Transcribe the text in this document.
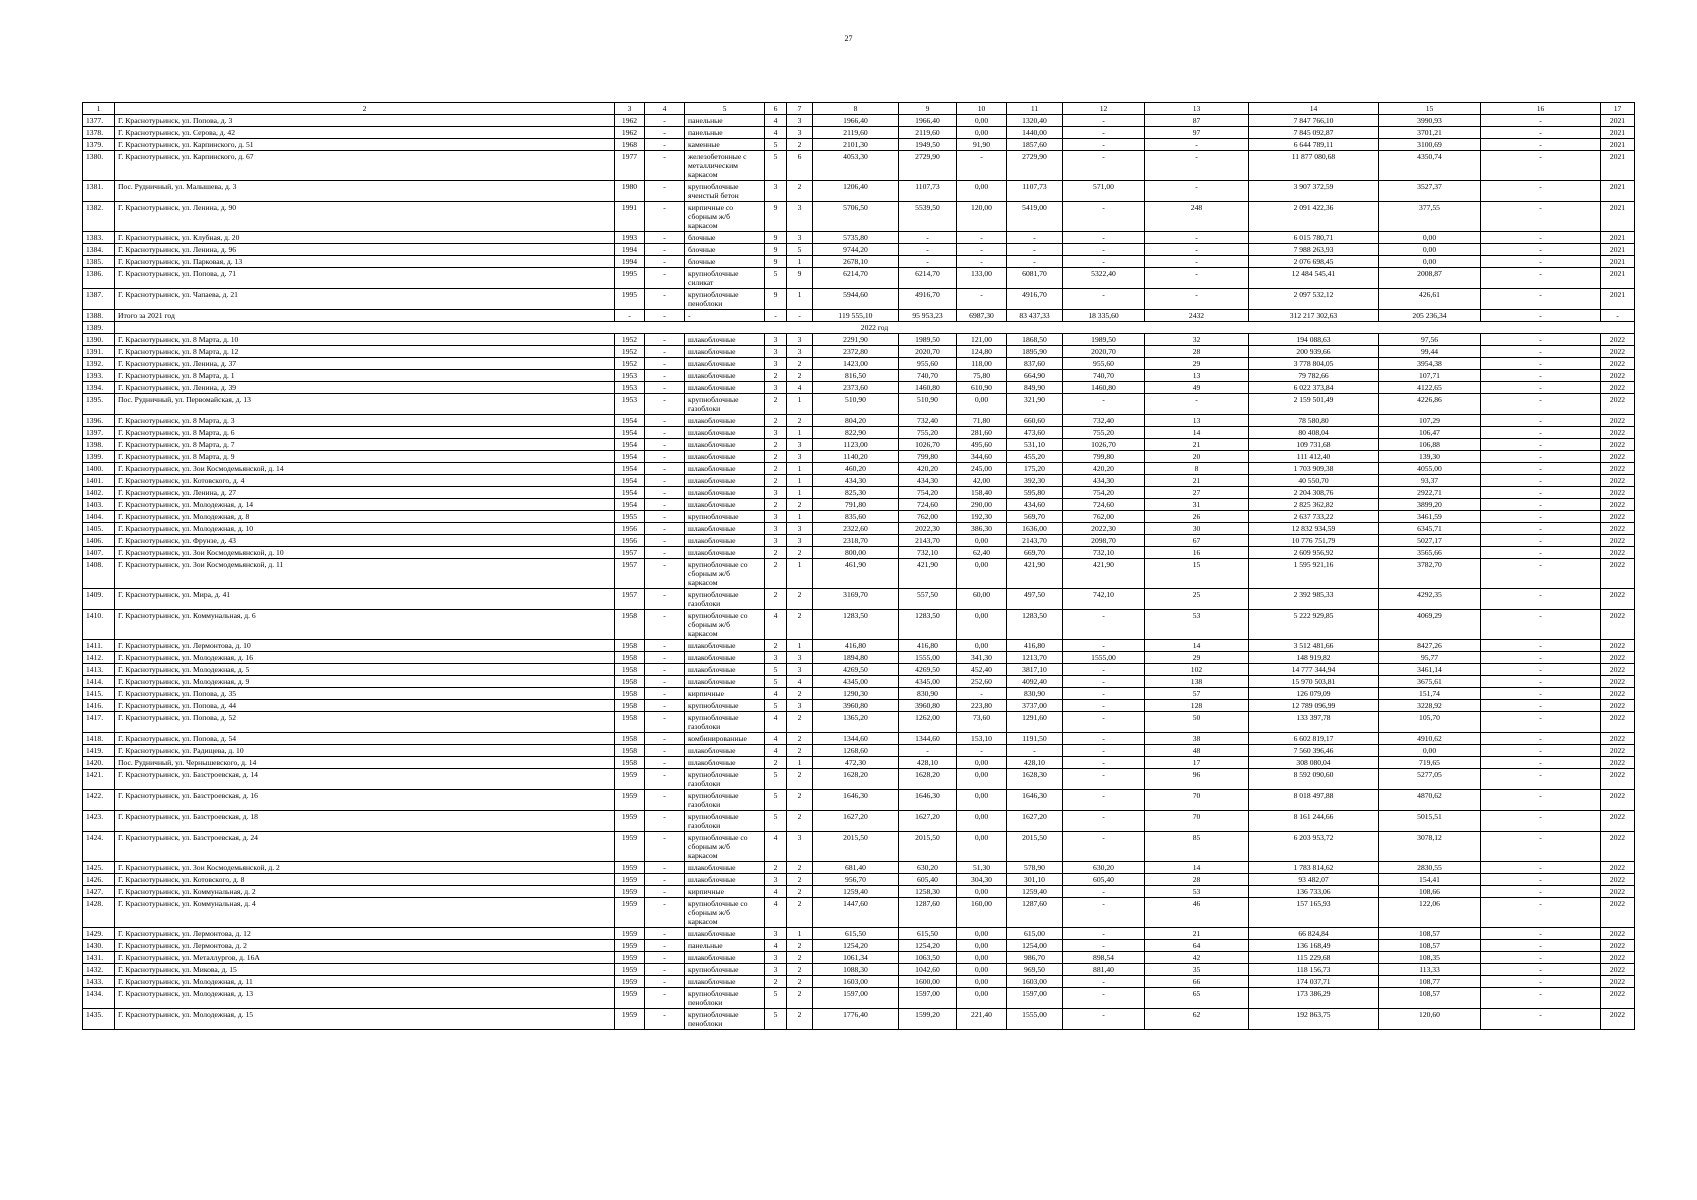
27
1	2	3	4	5	6	7	8	9	10	11	12	13	14	15	16	17
1377.	Г. Краснотурьинск, ул. Попова, д. 3	1962	-	панельные	4	3	1966,40	1966,40	0,00	1320,40	-	87	7 847 766,10	3990,93	-	2021
1378.	Г. Краснотурьинск, ул. Серова, д. 42	1962	-	панельные	4	3	2119,60	2119,60	0,00	1440,00	-	97	7 845 092,87	3701,21	-	2021
1379.	Г. Краснотурьинск, ул. Карпинского, д. 51	1968	-	каменные	5	2	2101,30	1949,50	91,90	1857,60	-	-	6 644 789,11	3100,69	-	2021
1380.	Г. Краснотурьинск, ул. Карпинского, д. 67	1977	-	железобетонные с металлическим каркасом	5	6	4053,30	2729,90	-	2729,90	-	-	11 877 080,68	4350,74	-	2021
1381.	Пос. Рудничный, ул. Малышева, д. 3	1980	-	крупноблочные ячеистый бетон	3	2	1206,40	1107,73	0,00	1107,73	571,00	-	3 907 372,59	3527,37	-	2021
1382.	Г. Краснотурьинск, ул. Ленина, д. 90	1991	-	кирпичные со сборным ж/б каркасом	9	3	5706,50	5539,50	120,00	5419,00	-	248	2 091 422,36	377,55	-	2021
1383.	Г. Краснотурьинск, ул. Клубная, д. 20	1993	-	блочные	9	3	5735,80	-	-	-	-	-	6 015 780,71	0,00	-	2021
1384.	Г. Краснотурьинск, ул. Ленина, д. 96	1994	-	блочные	9	5	9744,20	-	-	-	-	-	7 988 263,93	0,00	-	2021
1385.	Г. Краснотурьинск, ул. Парковая, д. 13	1994	-	блочные	9	1	2678,10	-	-	-	-	-	2 076 698,45	0,00	-	2021
1386.	Г. Краснотурьинск, ул. Попова, д. 71	1995	-	крупноблочные силикат	5	9	6214,70	6214,70	133,00	6081,70	5322,40	-	12 484 545,41	2008,87	-	2021
1387.	Г. Краснотурьинск, ул. Чапаева, д. 21	1995	-	крупноблочные пеноблоки	9	1	5944,60	4916,70	-	4916,70	-	-	2 097 532,12	426,61	-	2021
1388.	Итого за 2021 год	-	-	-	-	-	119 555,10	95 953,23	6987,30	83 437,33	18 335,60	2432	312 217 302,63	205 236,34	-	-
1389.	2022 год															
1390.	Г. Краснотурьинск, ул. 8 Марта, д. 10	1952	-	шлакоблочные	3	3	2291,90	1989,50	121,00	1868,50	1989,50	32	194 088,63	97,56	-	2022
1391.	Г. Краснотурьинск, ул. 8 Марта, д. 12	1952	-	шлакоблочные	3	3	2372,80	2020,70	124,80	1895,90	2020,70	28	200 939,66	99,44	-	2022
1392.	Г. Краснотурьинск, ул. Ленина, д. 37	1952	-	шлакоблочные	3	2	1423,00	955,60	118,00	837,60	955,60	29	3 778 804,05	3954,38	-	2022
1393.	Г. Краснотурьинск, ул. 8 Марта, д. 1	1953	-	шлакоблочные	2	2	816,50	740,70	75,80	664,90	740,70	13	79 782,66	107,71	-	2022
1394.	Г. Краснотурьинск, ул. Ленина, д. 39	1953	-	шлакоблочные	3	4	2373,60	1460,80	610,90	849,90	1460,80	49	6 022 373,84	4122,65	-	2022
1395.	Пос. Рудничный, ул. Первомайская, д. 13	1953	-	крупноблочные газоблоки	2	1	510,90	510,90	0,00	321,90	-	-	2 159 501,49	4226,86	-	2022
1396.	Г. Краснотурьинск, ул. 8 Марта, д. 3	1954	-	шлакоблочные	2	2	804,20	732,40	71,80	660,60	732,40	13	78 580,80	107,29	-	2022
1397.	Г. Краснотурьинск, ул. 8 Марта, д. 6	1954	-	шлакоблочные	3	1	822,90	755,20	281,60	473,60	755,20	14	80 408,04	106,47	-	2022
1398.	Г. Краснотурьинск, ул. 8 Марта, д. 7	1954	-	шлакоблочные	2	3	1123,00	1026,70	495,60	531,10	1026,70	21	109 731,68	106,88	-	2022
1399.	Г. Краснотурьинск, ул. 8 Марта, д. 9	1954	-	шлакоблочные	2	3	1140,20	799,80	344,60	455,20	799,80	20	111 412,40	139,30	-	2022
1400.	Г. Краснотурьинск, ул. Зои Космодемьянской, д. 14	1954	-	шлакоблочные	2	1	460,20	420,20	245,00	175,20	420,20	8	1 703 909,38	4055,00	-	2022
1401.	Г. Краснотурьинск, ул. Котовского, д. 4	1954	-	шлакоблочные	2	1	434,30	434,30	42,00	392,30	434,30	21	40 550,70	93,37	-	2022
1402.	Г. Краснотурьинск, ул. Ленина, д. 27	1954	-	шлакоблочные	3	1	825,30	754,20	158,40	595,80	754,20	27	2 204 308,76	2922,71	-	2022
1403.	Г. Краснотурьинск, ул. Молодежная, д. 14	1954	-	шлакоблочные	2	2	791,80	724,60	290,00	434,60	724,60	31	2 825 362,82	3899,20	-	2022
1404.	Г. Краснотурьинск, ул. Молодежная, д. 8	1955	-	крупноблочные	3	1	835,60	762,00	192,30	569,70	762,00	26	2 637 733,22	3461,59	-	2022
1405.	Г. Краснотурьинск, ул. Молодежная, д. 10	1956	-	шлакоблочные	3	3	2322,60	2022,30	386,30	1636,00	2022,30	30	12 832 934,59	6345,71	-	2022
1406.	Г. Краснотурьинск, ул. Фрунзе, д. 43	1956	-	шлакоблочные	3	3	2318,70	2143,70	0,00	2143,70	2098,70	67	10 776 751,79	5027,17	-	2022
1407.	Г. Краснотурьинск, ул. Зои Космодемьянской, д. 10	1957	-	шлакоблочные	2	2	800,00	732,10	62,40	669,70	732,10	16	2 609 956,92	3565,66	-	2022
1408.	Г. Краснотурьинск, ул. Зои Космодемьянской, д. 11	1957	-	крупноблочные со сборным ж/б каркасом	2	1	461,90	421,90	0,00	421,90	421,90	15	1 595 921,16	3782,70	-	2022
1409.	Г. Краснотурьинск, ул. Мира, д. 41	1957	-	крупноблочные газоблоки	2	2	3169,70	557,50	60,00	497,50	742,10	25	2 392 985,33	4292,35	-	2022
1410.	Г. Краснотурьинск, ул. Коммунальная, д. 6	1958	-	крупноблочные со сборным ж/б каркасом	4	2	1283,50	1283,50	0,00	1283,50	-	53	5 222 929,85	4069,29	-	2022
1411.	Г. Краснотурьинск, ул. Лермонтова, д. 10	1958	-	шлакоблочные	2	1	416,80	416,80	0,00	416,80	-	14	3 512 481,66	8427,26	-	2022
1412.	Г. Краснотурьинск, ул. Молодежная, д. 16	1958	-	шлакоблочные	3	3	1894,80	1555,00	341,30	1213,70	1555,00	29	148 919,82	95,77	-	2022
1413.	Г. Краснотурьинск, ул. Молодежная, д. 5	1958	-	шлакоблочные	5	3	4269,50	4269,50	452,40	3817,10	-	102	14 777 344,94	3461,14	-	2022
1414.	Г. Краснотурьинск, ул. Молодежная, д. 9	1958	-	шлакоблочные	5	4	4345,00	4345,00	252,60	4092,40	-	138	15 970 503,81	3675,61	-	2022
1415.	Г. Краснотурьинск, ул. Попова, д. 35	1958	-	кирпичные	4	2	1290,30	830,90	-	830,90	-	57	126 079,09	151,74	-	2022
1416.	Г. Краснотурьинск, ул. Попова, д. 44	1958	-	крупноблочные	5	3	3960,80	3960,80	223,80	3737,00	-	128	12 789 096,99	3228,92	-	2022
1417.	Г. Краснотурьинск, ул. Попова, д. 52	1958	-	крупноблочные газоблоки	4	2	1365,20	1262,00	73,60	1291,60	-	50	133 397,78	105,70	-	2022
1418.	Г. Краснотурьинск, ул. Попова, д. 54	1958	-	комбинированные	4	2	1344,60	1344,60	153,10	1191,50	-	38	6 602 819,17	4910,62	-	2022
1419.	Г. Краснотурьинск, ул. Радищева, д. 10	1958	-	шлакоблочные	4	2	1268,60	-	-	-	-	48	7 560 396,46	0,00	-	2022
1420.	Пос. Рудничный, ул. Чернышевского, д. 14	1958	-	шлакоблочные	2	1	472,30	428,10	0,00	428,10	-	17	308 080,04	719,65	-	2022
1421.	Г. Краснотурьинск, ул. Базстроевская, д. 14	1959	-	крупноблочные газоблоки	5	2	1628,20	1628,20	0,00	1628,30	-	96	8 592 090,60	5277,05	-	2022
1422.	Г. Краснотурьинск, ул. Базстроевская, д. 16	1959	-	крупноблочные газоблоки	5	2	1646,30	1646,30	0,00	1646,30	-	70	8 018 497,88	4870,62	-	2022
1423.	Г. Краснотурьинск, ул. Базстроевская, д. 18	1959	-	крупноблочные газоблоки	5	2	1627,20	1627,20	0,00	1627,20	-	70	8 161 244,66	5015,51	-	2022
1424.	Г. Краснотурьинск, ул. Базстроевская, д. 24	1959	-	крупноблочные со сборным ж/б каркасом	4	3	2015,50	2015,50	0,00	2015,50	-	85	6 203 953,72	3078,12	-	2022
1425.	Г. Краснотурьинск, ул. Зои Космодемьянской, д. 2	1959	-	шлакоблочные	2	2	681,40	630,20	51,30	578,90	630,20	14	1 783 814,62	2830,55	-	2022
1426.	Г. Краснотурьинск, ул. Котовского, д. 8	1959	-	шлакоблочные	3	2	956,70	605,40	304,30	301,10	605,40	28	93 482,07	154,41	-	2022
1427.	Г. Краснотурьинск, ул. Коммунальная, д. 2	1959	-	кирпичные	4	2	1259,40	1258,30	0,00	1259,40	-	53	136 733,06	108,66	-	2022
1428.	Г. Краснотурьинск, ул. Коммунальная, д. 4	1959	-	крупноблочные со сборным ж/б каркасом	4	2	1447,60	1287,60	160,00	1287,60	-	46	157 165,93	122,06	-	2022
1429.	Г. Краснотурьинск, ул. Лермонтова, д. 12	1959	-	шлакоблочные	3	1	615,50	615,50	0,00	615,00	-	21	66 824,84	108,57	-	2022
1430.	Г. Краснотурьинск, ул. Лермонтова, д. 2	1959	-	панельные	4	2	1254,20	1254,20	0,00	1254,00	-	64	136 168,49	108,57	-	2022
1431.	Г. Краснотурьинск, ул. Металлургов, д. 16А	1959	-	шлакоблочные	3	2	1061,34	1063,50	0,00	986,70	898,54	42	115 229,68	108,35	-	2022
1432.	Г. Краснотурьинск, ул. Микова, д. 15	1959	-	крупноблочные	3	2	1088,30	1042,60	0,00	969,50	881,40	35	118 156,73	113,33	-	2022
1433.	Г. Краснотурьинск, ул. Молодежная, д. 11	1959	-	шлакоблочные	2	2	1603,00	1600,00	0,00	1603,00	-	66	174 037,71	108,77	-	2022
1434.	Г. Краснотурьинск, ул. Молодежная, д. 13	1959	-	крупноблочные пеноблоки	5	2	1597,00	1597,00	0,00	1597,00	-	65	173 386,29	108,57	-	2022
1435.	Г. Краснотурьинск, ул. Молодежная, д. 15	1959	-	крупноблочные пеноблоки	5	2	1776,40	1599,20	221,40	1555,00	-	62	192 863,75	120,60	-	2022
